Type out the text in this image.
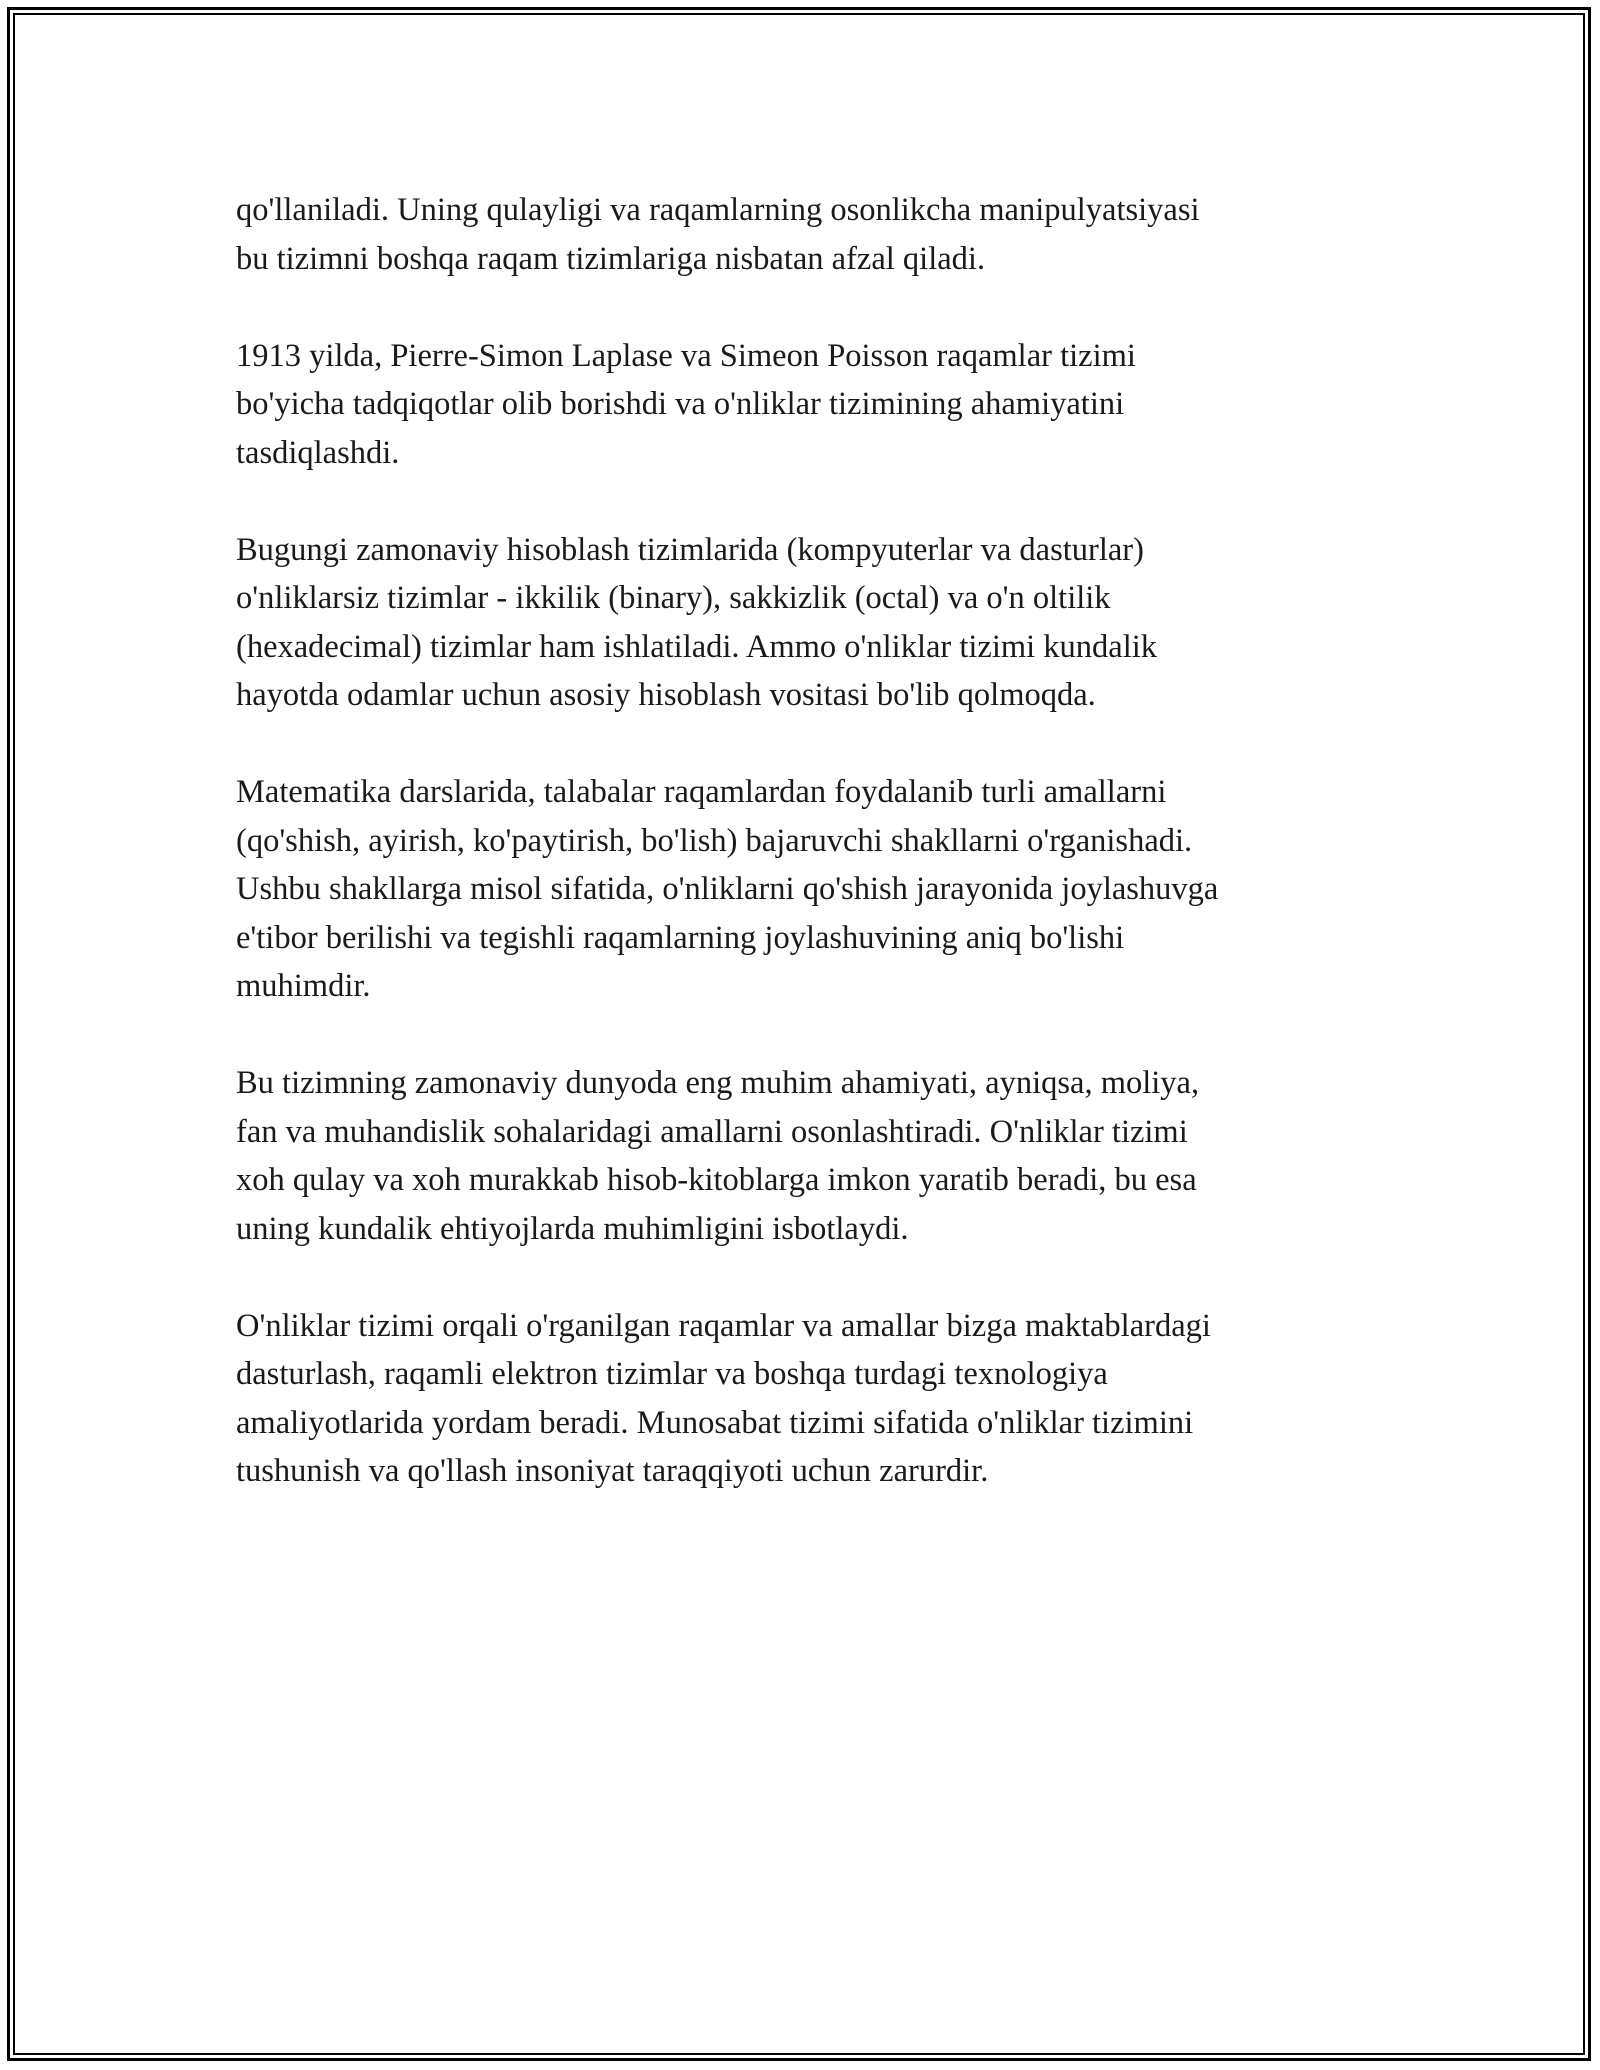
qo'llaniladi. Uning qulayligi va raqamlarning osonlikcha manipulyatsiyasi
bu tizimni boshqa raqam tizimlariga nisbatan afzal qiladi.

1913 yilda, Pierre-Simon Laplase va Simeon Poisson raqamlar tizimi
bo'yicha tadqiqotlar olib borishdi va o'nliklar tizimining ahamiyatini
tasdiqlashdi.

Bugungi zamonaviy hisoblash tizimlarida (kompyuterlar va dasturlar)
o'nliklarsiz tizimlar - ikkilik (binary), sakkizlik (octal) va o'n oltilik
(hexadecimal) tizimlar ham ishlatiladi. Ammo o'nliklar tizimi kundalik
hayotda odamlar uchun asosiy hisoblash vositasi bo'lib qolmoqda.

Matematika darslarida, talabalar raqamlardan foydalanib turli amallarni
(qo'shish, ayirish, ko'paytirish, bo'lish) bajaruvchi shakllarni o'rganishadi.
Ushbu shakllarga misol sifatida, o'nliklarni qo'shish jarayonida joylashuvga
e'tibor berilishi va tegishli raqamlarning joylashuvining aniq bo'lishi
muhimdir.

Bu tizimning zamonaviy dunyoda eng muhim ahamiyati, ayniqsa, moliya,
fan va muhandislik sohalaridagi amallarni osonlashtiradi. O'nliklar tizimi
xoh qulay va xoh murakkab hisob-kitoblarga imkon yaratib beradi, bu esa
uning kundalik ehtiyojlarda muhimligini isbotlaydi.

O'nliklar tizimi orqali o'rganilgan raqamlar va amallar bizga maktablardagi
dasturlash, raqamli elektron tizimlar va boshqa turdagi texnologiya
amaliyotlarida yordam beradi. Munosabat tizimi sifatida o'nliklar tizimini
tushunish va qo'llash insoniyat taraqqiyoti uchun zarurdir.
